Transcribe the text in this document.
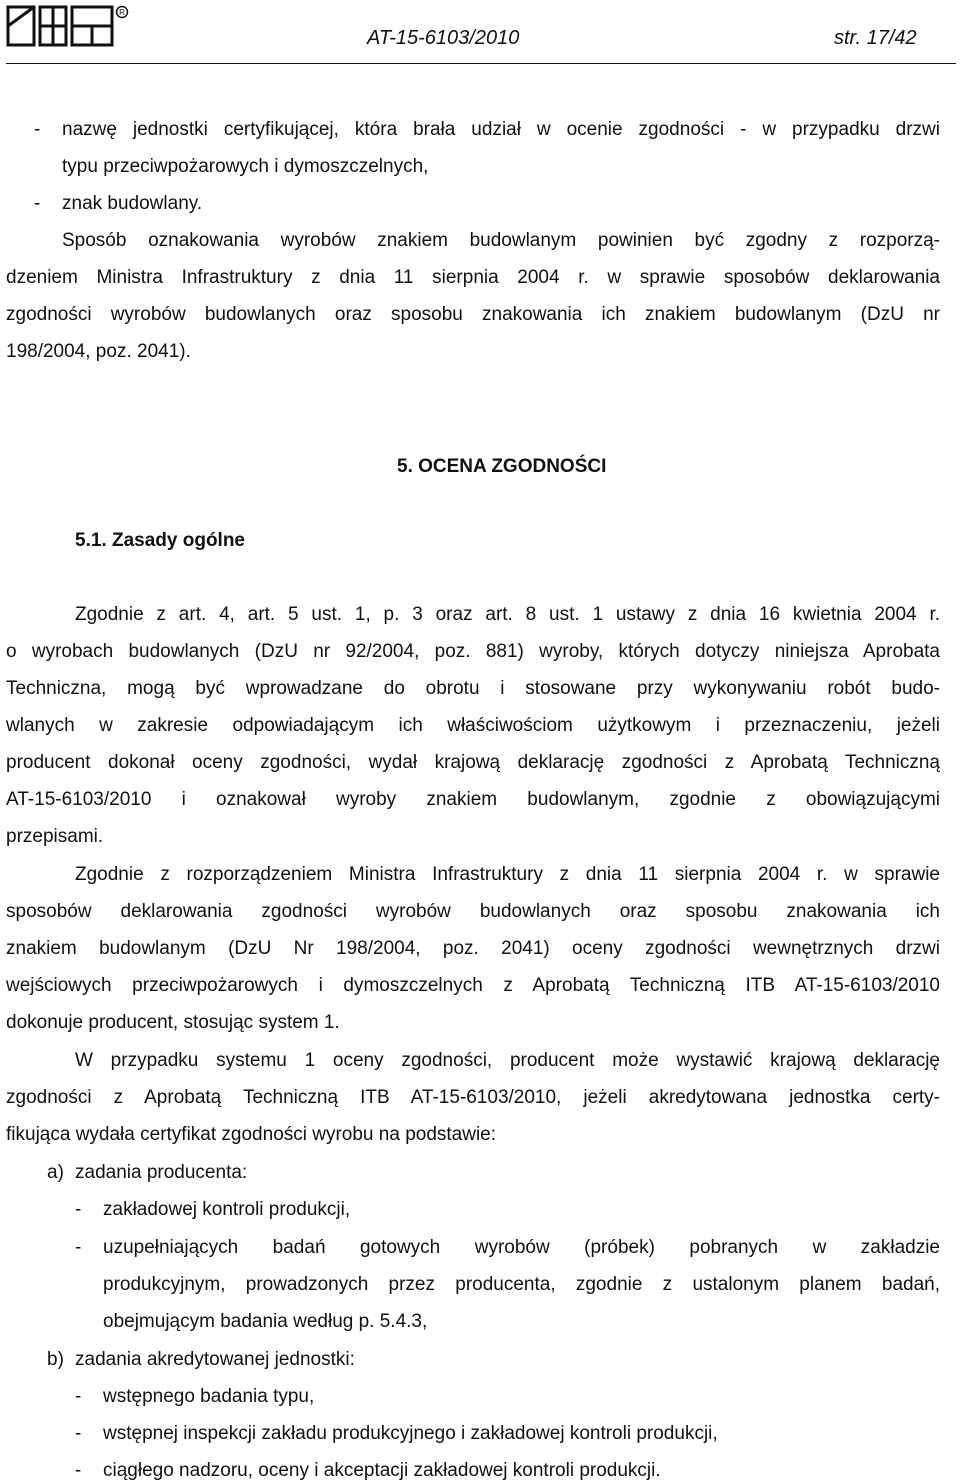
R
AT-15-6103/2010	str. 17/42
-	nazwę jednostki certyfikującej, która brała udział w ocenie zgodności - w przypadku drzwi
typu przeciwpożarowych i dymoszczelnych,
-	znak budowlany.
Sposób oznakowania wyrobów znakiem budowlanym powinien być zgodny z rozporzą-
dzeniem Ministra Infrastruktury z dnia 11 sierpnia 2004 r. w sprawie sposobów deklarowania
zgodności wyrobów budowlanych oraz sposobu znakowania ich znakiem budowlanym (DzU nr
198/2004, poz. 2041).
5. OCENA ZGODNOŚCI
5.1. Zasady ogólne
Zgodnie z art. 4, art. 5 ust. 1, p. 3 oraz art. 8 ust. 1 ustawy z dnia 16 kwietnia 2004 r.
o wyrobach budowlanych (DzU nr 92/2004, poz. 881) wyroby, których dotyczy niniejsza Aprobata
Techniczna, mogą być wprowadzane do obrotu i stosowane przy wykonywaniu robót budo-
wlanych w zakresie odpowiadającym ich właściwościom użytkowym i przeznaczeniu, jeżeli
producent dokonał oceny zgodności, wydał krajową deklarację zgodności z Aprobatą Techniczną
AT-15-6103/2010 i oznakował wyroby znakiem budowlanym, zgodnie z obowiązującymi
przepisami.
Zgodnie z rozporządzeniem Ministra Infrastruktury z dnia 11 sierpnia 2004 r. w sprawie
sposobów deklarowania zgodności wyrobów budowlanych oraz sposobu znakowania ich
znakiem budowlanym (DzU Nr 198/2004, poz. 2041) oceny zgodności wewnętrznych drzwi
wejściowych przeciwpożarowych i dymoszczelnych z Aprobatą Techniczną ITB AT-15-6103/2010
dokonuje producent, stosując system 1.
W przypadku systemu 1 oceny zgodności, producent może wystawić krajową deklarację
zgodności z Aprobatą Techniczną ITB AT-15-6103/2010, jeżeli akredytowana jednostka certy-
fikująca wydała certyfikat zgodności wyrobu na podstawie:
a) zadania producenta:
-	zakładowej kontroli produkcji,
-	uzupełniających badań gotowych wyrobów (próbek) pobranych w zakładzie
produkcyjnym, prowadzonych przez producenta, zgodnie z ustalonym planem badań,
obejmującym badania według p. 5.4.3,
b) zadania akredytowanej jednostki:
-	wstępnego badania typu,
-	wstępnej inspekcji zakładu produkcyjnego i zakładowej kontroli produkcji,
-	ciągłego nadzoru, oceny i akceptacji zakładowej kontroli produkcji.
